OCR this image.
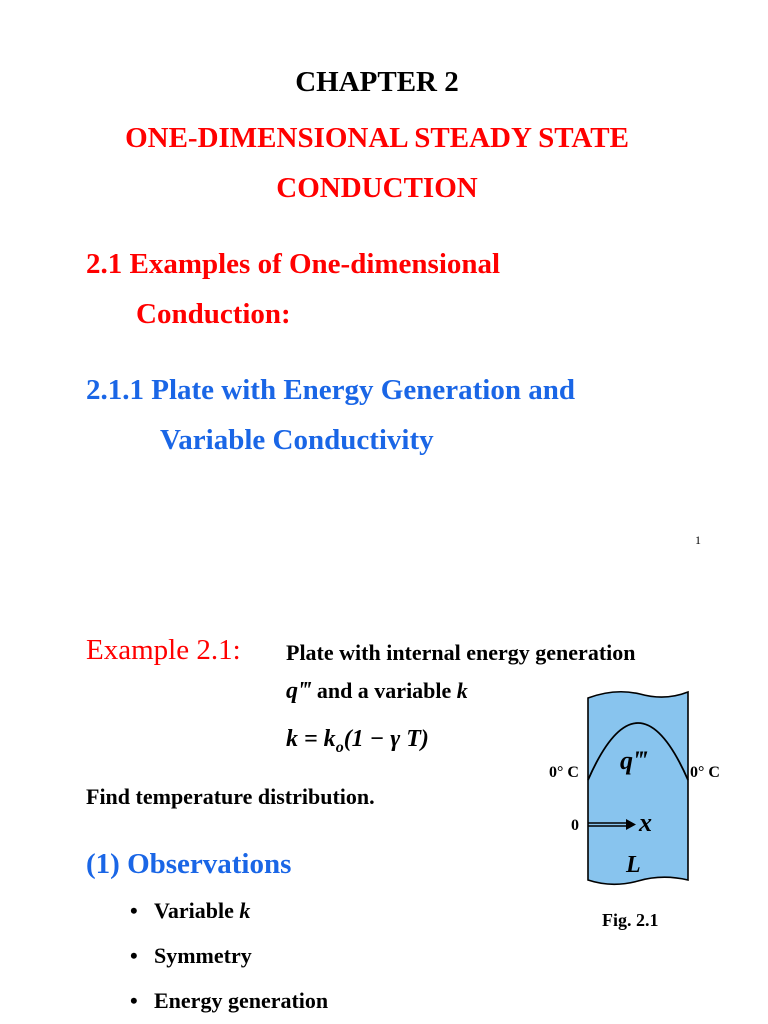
CHAPTER 2
ONE-DIMENSIONAL STEADY STATE
CONDUCTION
2.1 Examples of One-dimensional
Conduction:
2.1.1 Plate with Energy Generation and
Variable Conductivity
1
Example 2.1: Plate with internal energy generation
q‴ and a variable k
$k = k_o(1 - \gamma$ T)
Find temperature distribution.
(1) Observations
• Variable k
• Symmetry
• Energy generation
0° C	0° C
q‴
0 x
L
Fig. 2.1
